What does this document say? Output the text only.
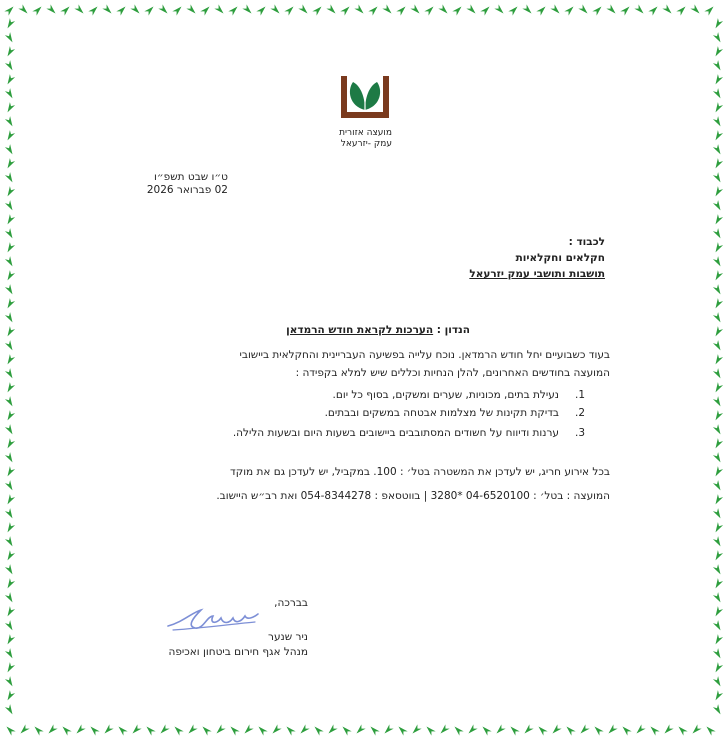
מועצה אזורית
עמק -יזרעאל
ט״ו שבט תשפ״ו
02 פברואר 2026
לכבוד :
חקלאים וחקלאיות
תושבות ותושבי עמק יזרעאל
הנדון : הערכות לקראת חודש הרמדאן
בעוד כשבועיים יחל חודש הרמדאן. נוכח עלייה בפשיעה העבריינית והחקלאית ביישובי
המועצה בחודשים האחרונים, להלן הנחיות וכללים שיש למלא בקפידה :
1.נעילת בתים, מכוניות, שערים ומשקים, בסוף כל יום.
2.בדיקת תקינות של מצלמות אבטחה במשקים ובבתים.
3.ערנות ודיווח על חשודים המסתובבים ביישובים בשעות היום ובשעות הלילה.
בכל אירוע חריג, יש לעדכן את המשטרה בטל׳ : 100. במקביל, יש לעדכן גם את מוקד
המועצה : בטל׳ : 04-6520100 *3280 | בווטסאפ : 054-8344278 ואת רב״ש היישוב.
בברכה,
ניר שנער
מנהל אגף חירום ביטחון ואכיפה
